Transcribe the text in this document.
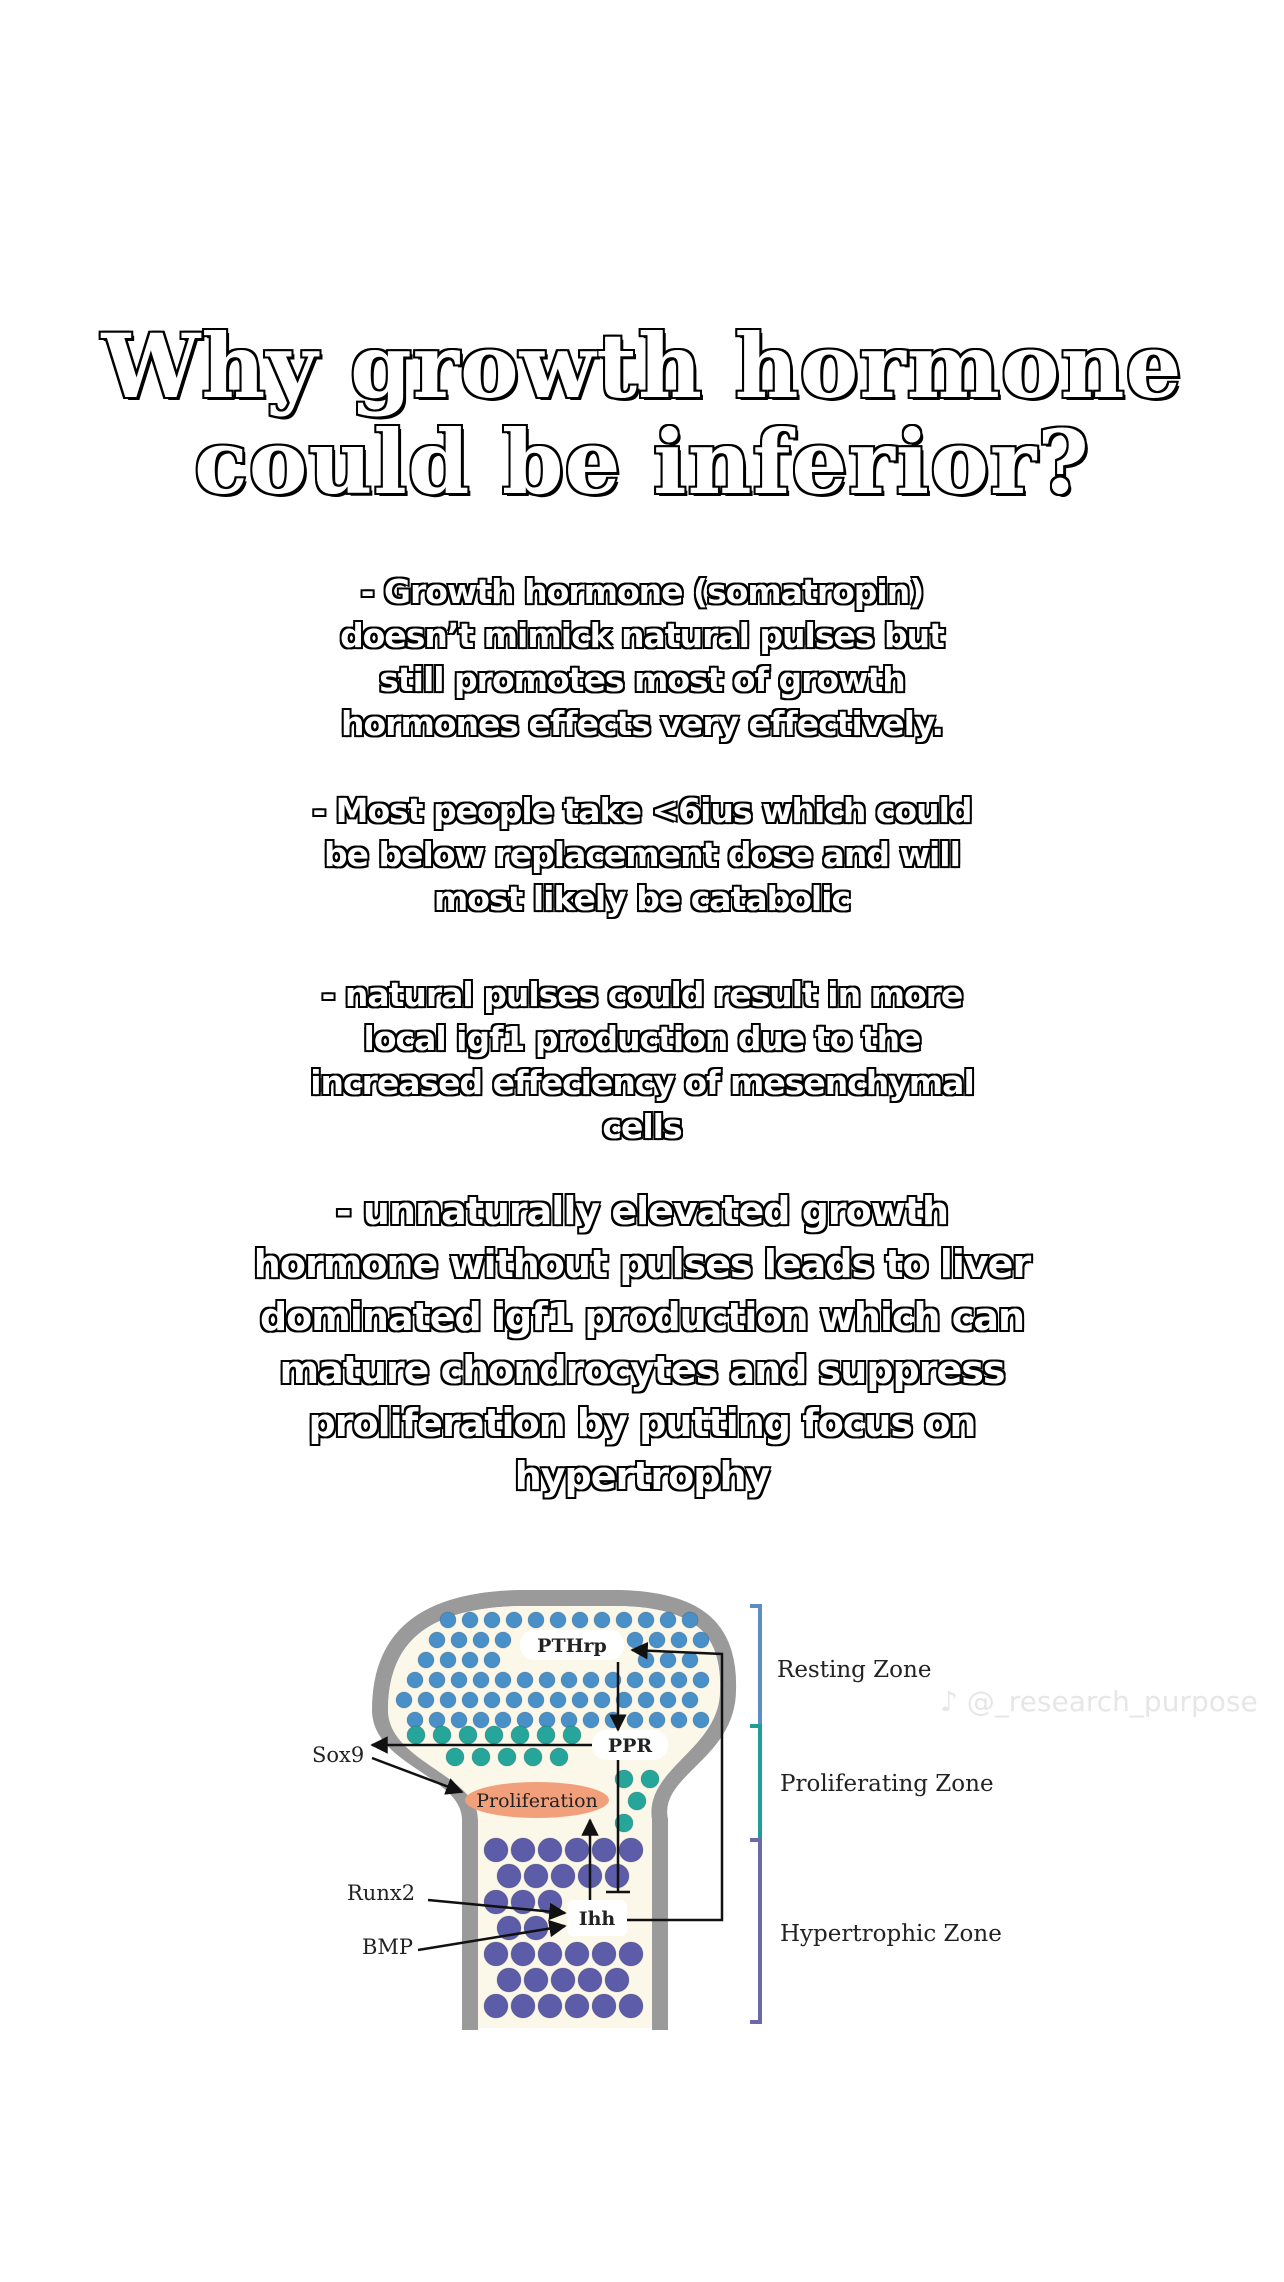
Why growth hormone
could be inferior?

- Growth hormone (somatropin)
doesn’t mimick natural pulses but
still promotes most of growth
hormones effects very effectively.

- Most people take <6ius which could
be below replacement dose and will
most likely be catabolic

- natural pulses could result in more
local igf1 production due to the
increased effeciency of mesenchymal
cells

- unnaturally elevated growth
hormone without pulses leads to liver
dominated igf1 production which can
mature chondrocytes and suppress
proliferation by putting focus on
hypertrophy

PTHrp
PPR
Proliferation
Ihh
Sox9
Runx2
BMP
Resting Zone
Proliferating Zone
Hypertrophic Zone
♪ @_research_purpose
